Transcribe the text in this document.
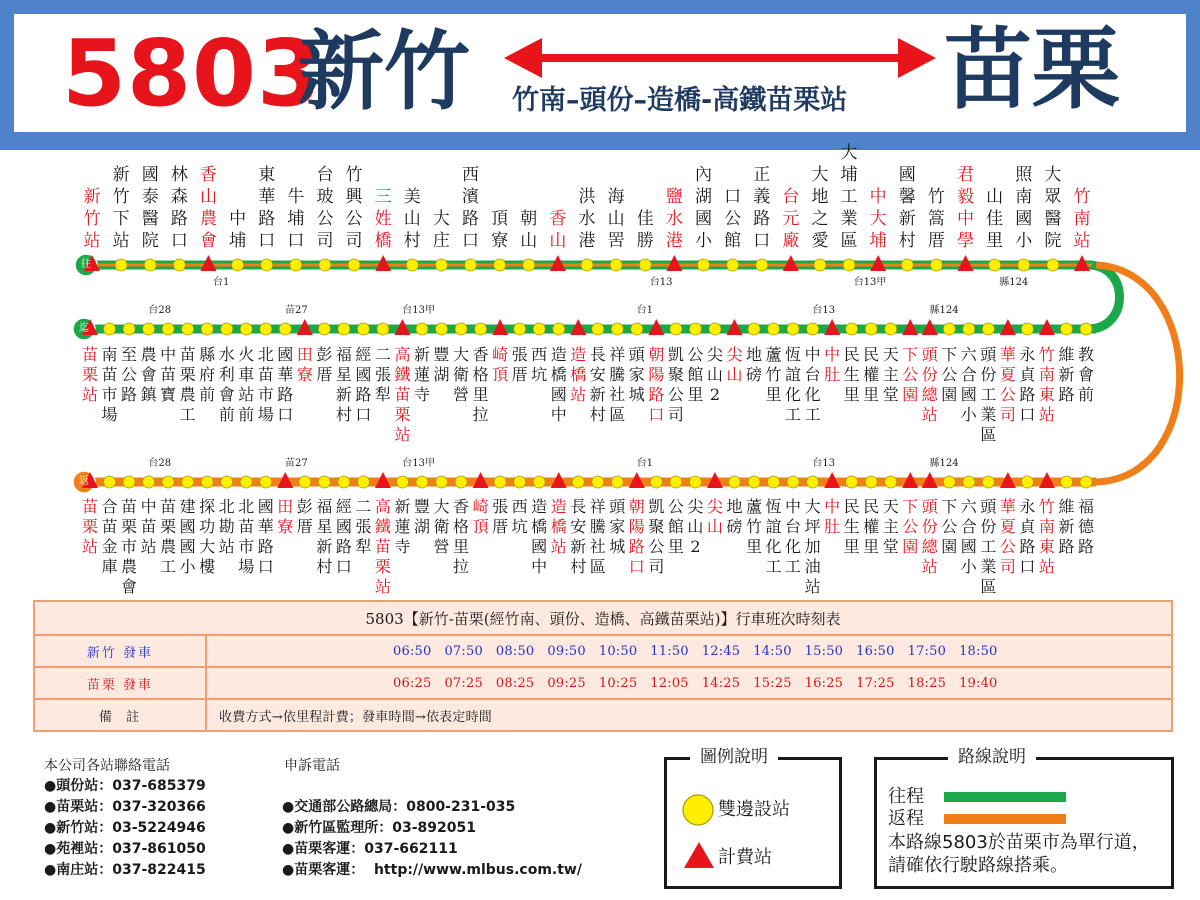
5803
新竹 竹南–頭份–造橋-高鐵苗栗站 苗栗
往
新竹站
新竹下站
國泰醫院
林森路口
香山農會
中埔
東華路口
牛埔口
台玻公司
竹興公司
三姓橋
美山村
大庄
西濱路口
頂寮
朝山
香山
洪水港
海山罟
佳勝
鹽水港
內湖國小
口公館
正義路口
台元廠
大地之愛
大埔工業區
中大埔
國馨新村
竹篙厝
君毅中學
山佳里
照南國小
大眾醫院
竹南站
台1	台13	台13甲	縣124
迄
苗栗站
南苗市場
至公路
農會鎮
中苗寶
苗栗農工
縣府前
水利會前
火車站前
北苗市場
國華路口
田寮
彭厝
福星新村
經國路口
二張犁
高鐵苗栗站
新蓮寺
豐湖
大衛營
香格里拉
崎頂
張厝
西坑
造橋國中
造橋站
長安新村
祥騰社區
頭家城
朝陽路口
凱聚公司
公館里
尖山2
尖山
地磅
蘆竹里
恆誼化工
中台化工
中肚
民生里
民權里
天主堂
下公園
頭份總站
下公園
六合國小
頭份工業區
華夏公司
永貞路口
竹南東站
維新路
教會前
台28	苗27	台13甲	台1	台13	縣124
返
苗栗站
合苗金庫
苗栗市農會
中苗站
苗栗農工
建國國小
探功大樓
北勘站
北苗市場
國華路口
田寮
彭厝
福星新村
經國路口
二張犁
高鐵苗栗站
新蓮寺
豐湖
大衛營
香格里拉
崎頂
張厝
西坑
造橋國中
造橋站
長安新村
祥騰社區
頭家城
朝陽路口
凱聚公司
公館里
尖山2
尖山
地磅
蘆竹里
恆誼化工
中台化工
大坪加油站
中肚
民生里
民權里
天主堂
下公園
頭份總站
下公園
六合國小
頭份工業區
華夏公司
永貞路口
竹南東站
維新路
福德路
台28	苗27	台13甲	台1	台13	縣124
5803【新竹-苗栗(經竹南、頭份、造橋、高鐵苗栗站)】行車班次時刻表	
新竹 發車	06:50   07:50   08:50   09:50   10:50   11:50   12:45   14:50   15:50   16:50   17:50   18:50
苗栗 發車	06:25   07:25   08:25   09:25   10:25   12:05   14:25   15:25   16:25   17:25   18:25   19:40
備  註	收費方式→依里程計費；發車時間→依表定時間
本公司各站聯絡電話
●頭份站：037-685379
●苗栗站：037-320366
●新竹站：03-5224946
●苑裡站：037-861050
●南庄站：037-822415
申訴電話
●交通部公路總局：0800-231-035
●新竹區監理所：03-892051
●苗栗客運：037-662111
●苗栗客運：  http://www.mlbus.com.tw/
圖例說明
雙邊設站
計費站
路線說明
往程
返程
本路線5803於苗栗市為單行道，
請確依行駛路線搭乘。
